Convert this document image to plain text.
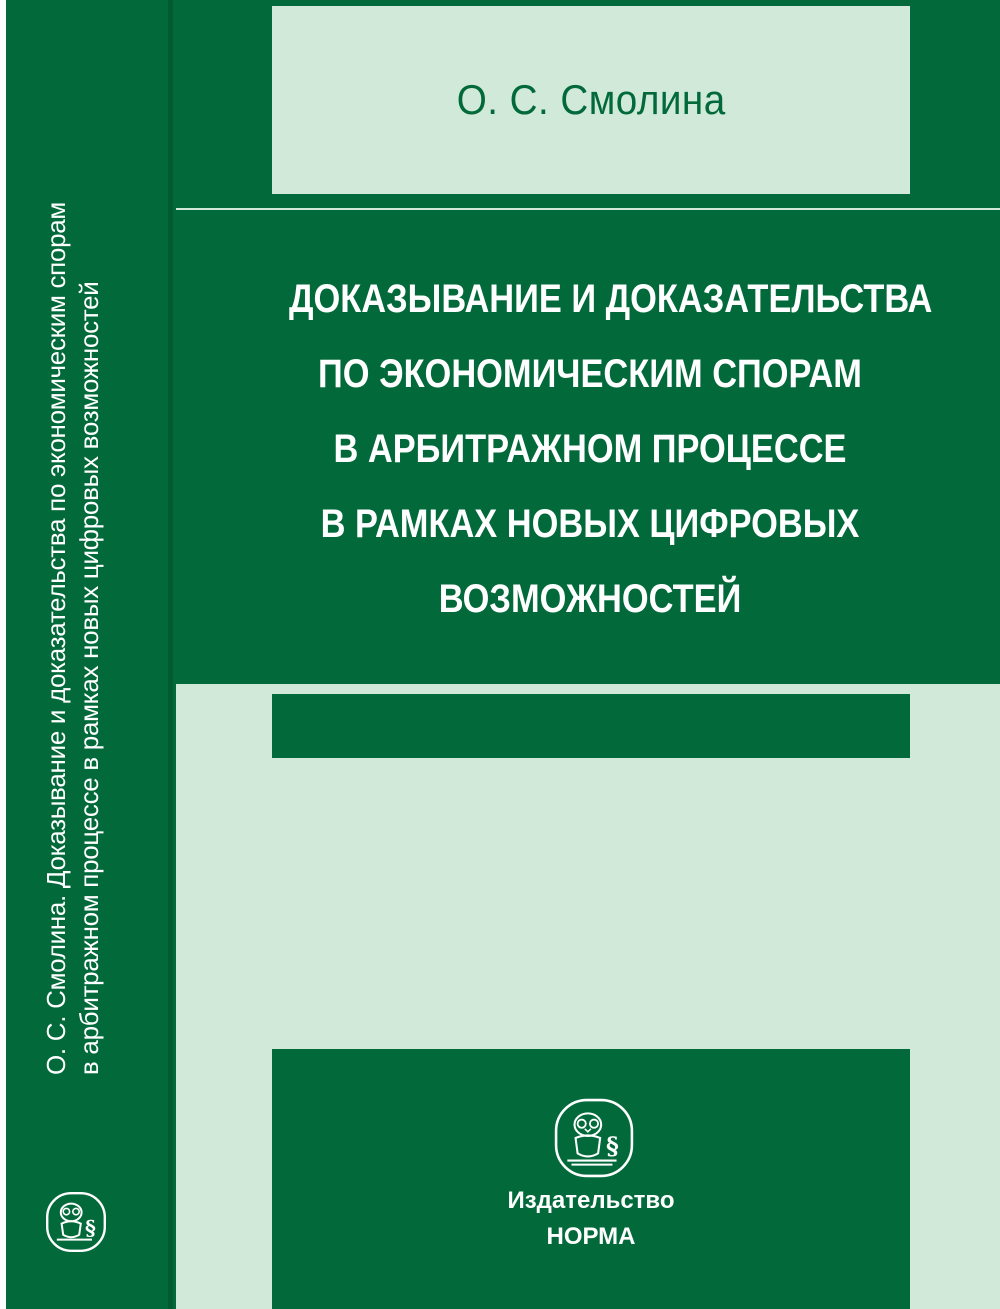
О. С. Смолина. Доказывание и доказательства по экономическим спорам в арбитражном процессе в рамках новых цифровых возможностей
§
О. С. Смолина
ДОКАЗЫВАНИЕ И ДОКАЗАТЕЛЬСТВА
ПО ЭКОНОМИЧЕСКИМ СПОРАМ
В АРБИТРАЖНОМ ПРОЦЕССЕ
В РАМКАХ НОВЫХ ЦИФРОВЫХ
ВОЗМОЖНОСТЕЙ
§
Издательство
НОРМА
